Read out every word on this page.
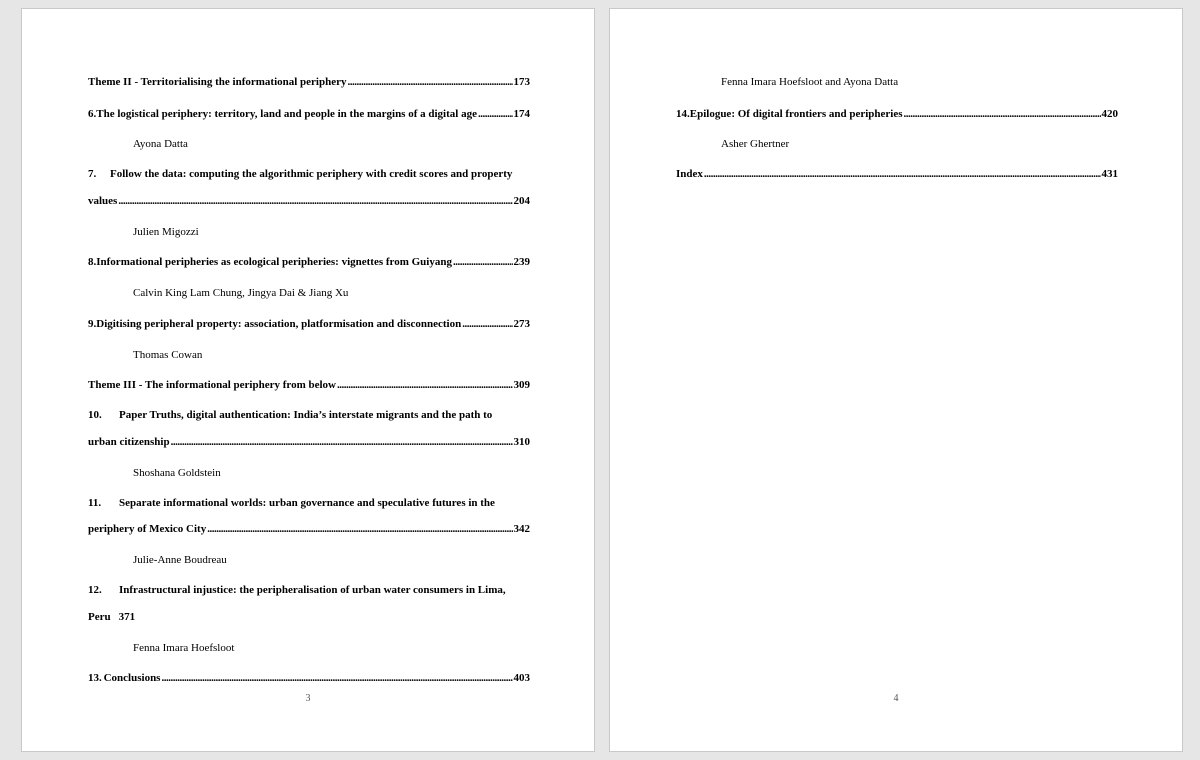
Theme II - Territorialising the informational periphery .....	173
6. The logistical periphery: territory, land and people in the margins of a digital age .....	174
Ayona Datta
7. Follow the data: computing the algorithmic periphery with credit scores and property
values .....	204
Julien Migozzi
8. Informational peripheries as ecological peripheries: vignettes from Guiyang .....	239
Calvin King Lam Chung, Jingya Dai & Jiang Xu
9. Digitising peripheral property: association, platformisation and disconnection .....	273
Thomas Cowan
Theme III - The informational periphery from below .....	309
10. Paper Truths, digital authentication: India’s interstate migrants and the path to
urban citizenship .....	310
Shoshana Goldstein
11. Separate informational worlds: urban governance and speculative futures in the
periphery of Mexico City .....	342
Julie-Anne Boudreau
12. Infrastructural injustice: the peripheralisation of urban water consumers in Lima,
Peru 371
Fenna Imara Hoefsloot
13. Conclusions .....	403
3
Fenna Imara Hoefsloot and Ayona Datta
14. Epilogue: Of digital frontiers and peripheries .....	420
Asher Ghertner
Index .....	431
4
